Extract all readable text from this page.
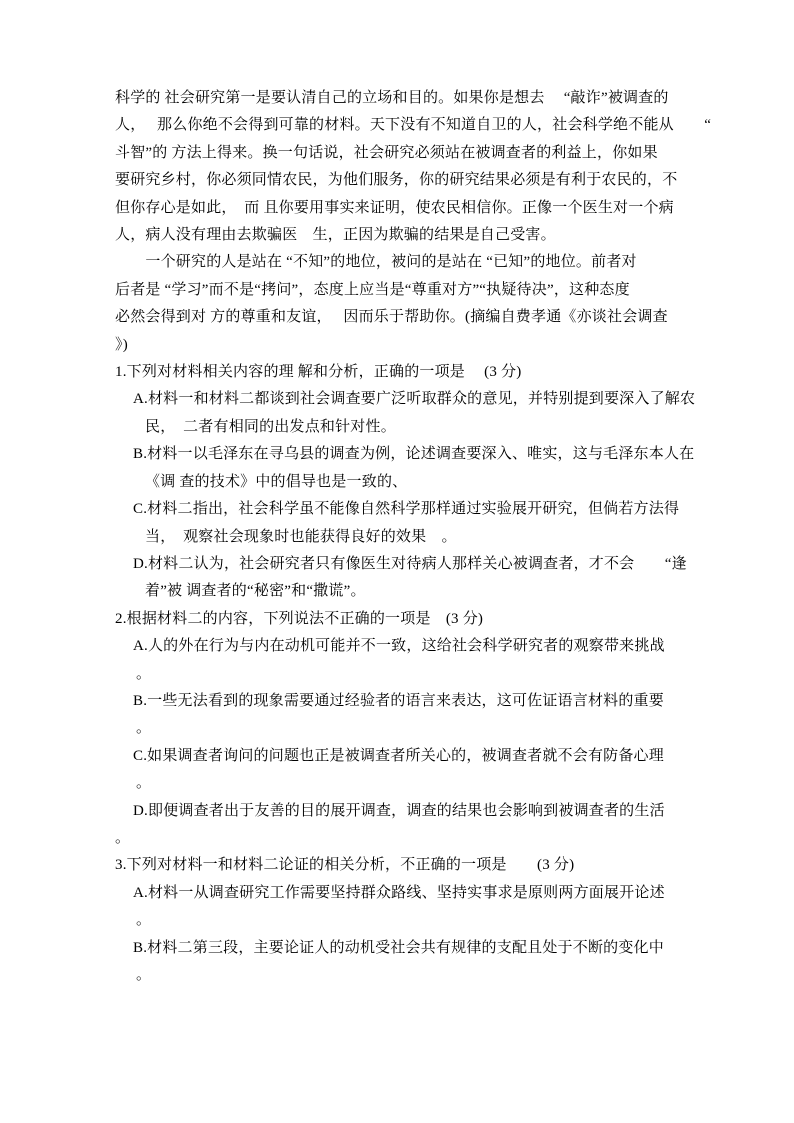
科学的 社会研究第一是要认清自己的立场和目的。如果你是想去　 “敲诈”被调查的
人，　 那么你绝不会得到可靠的材料。天下没有不知道自卫的人，社会科学绝不能从　　“
斗智”的 方法上得来。换一句话说，社会研究必须站在被调查者的利益上，你如果
要研究乡村，你必须同情农民，为他们服务，你的研究结果必须是有利于农民的，不
但你存心是如此，　而 且你要用事实来证明，使农民相信你。正像一个医生对一个病
人，病人没有理由去欺骗医　生，正因为欺骗的结果是自己受害。
　　一个研究的人是站在 “不知”的地位，被问的是站在 “已知”的地位。前者对
后者是 “学习”而不是“拷问”，态度上应当是“尊重对方”“执疑待决”，这种态度
必然会得到对 方的尊重和友谊，　 因而乐于帮助你。(摘编自费孝通《亦谈社会调查
》)
1.下列对材料相关内容的理 解和分析，正确的一项是　 (3 分)
A.材料一和材料二都谈到社会调查要广泛听取群众的意见，并特别提到要深入了解农
民，　二者有相同的出发点和针对性。
B.材料一以毛泽东在寻乌县的调查为例，论述调查要深入、唯实，这与毛泽东本人在
《调 查的技术》中的倡导也是一致的、
C.材料二指出，社会科学虽不能像自然科学那样通过实验展开研究，但倘若方法得
当，　观察社会现象时也能获得良好的效果　。
D.材料二认为，社会研究者只有像医生对待病人那样关心被调查者，才不会　　“逢
着”被 调查者的“秘密”和“撒谎”。
2.根据材料二的内容，下列说法不正确的一项是　(3 分)
A.人的外在行为与内在动机可能并不一致，这给社会科学研究者的观察带来挑战
。
B.一些无法看到的现象需要通过经验者的语言来表达，这可佐证语言材料的重要
。
C.如果调查者询问的问题也正是被调查者所关心的，被调查者就不会有防备心理
。
D.即便调查者出于友善的目的展开调查，调查的结果也会影响到被调查者的生活
。
3.下列对材料一和材料二论证的相关分析，不正确的一项是　　(3 分)
A.材料一从调查研究工作需要坚持群众路线、坚持实事求是原则两方面展开论述
。
B.材料二第三段，主要论证人的动机受社会共有规律的支配且处于不断的变化中
。
